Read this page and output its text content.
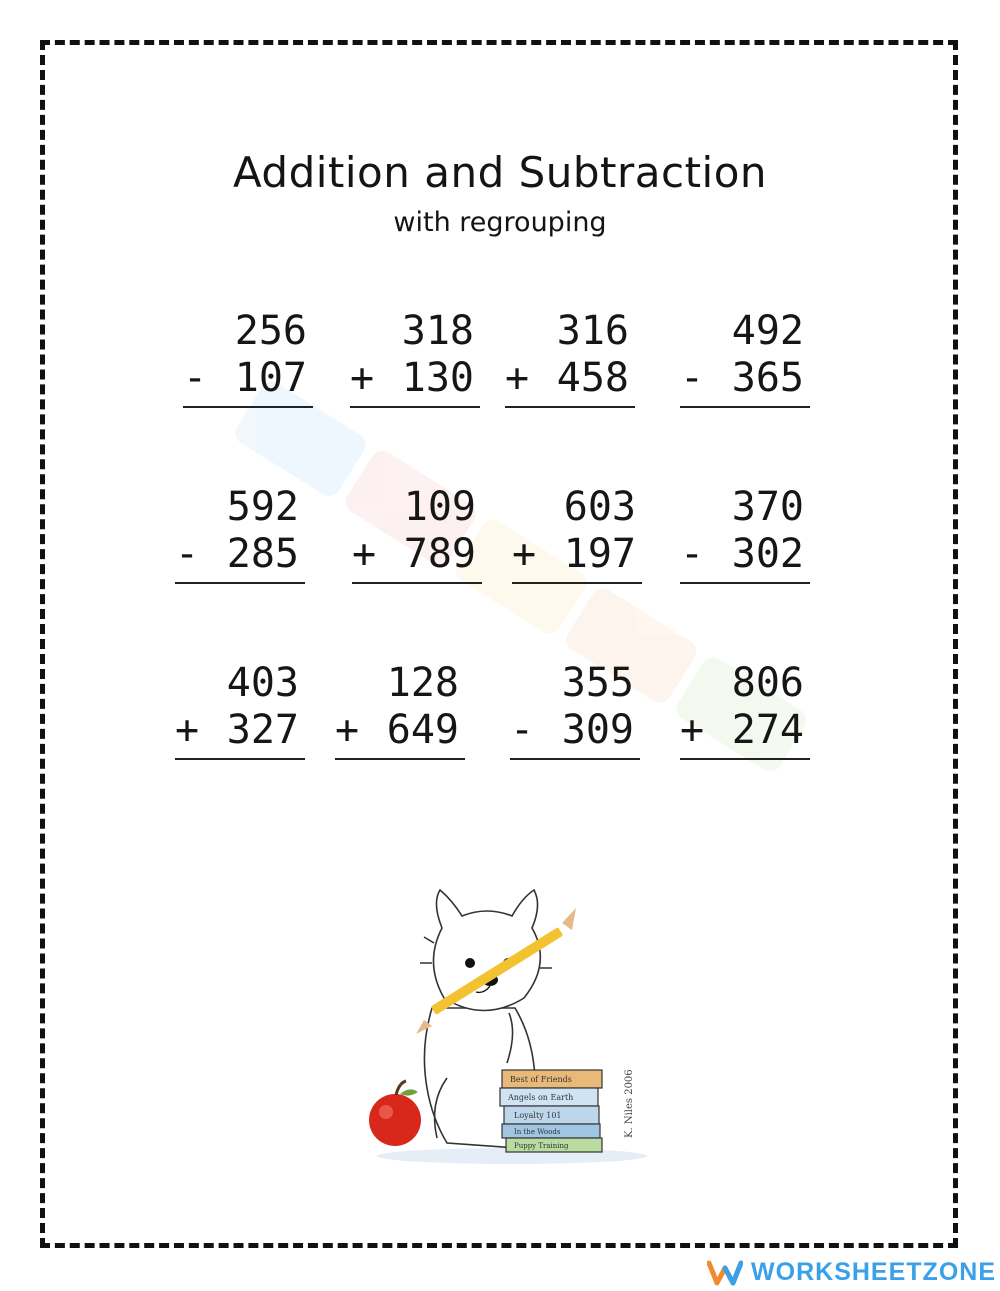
Addition and Subtraction
with regrouping
256
- 107
318
+ 130
316
+ 458
492
- 365
592
- 285
109
+ 789
603
+ 197
370
- 302
403
+ 327
128
+ 649
355
- 309
806
+ 274
Best of Friends
Angels on Earth
Loyalty 101
In the Woods
Puppy Training
K. Niles 2006
WORKSHEETZONE
